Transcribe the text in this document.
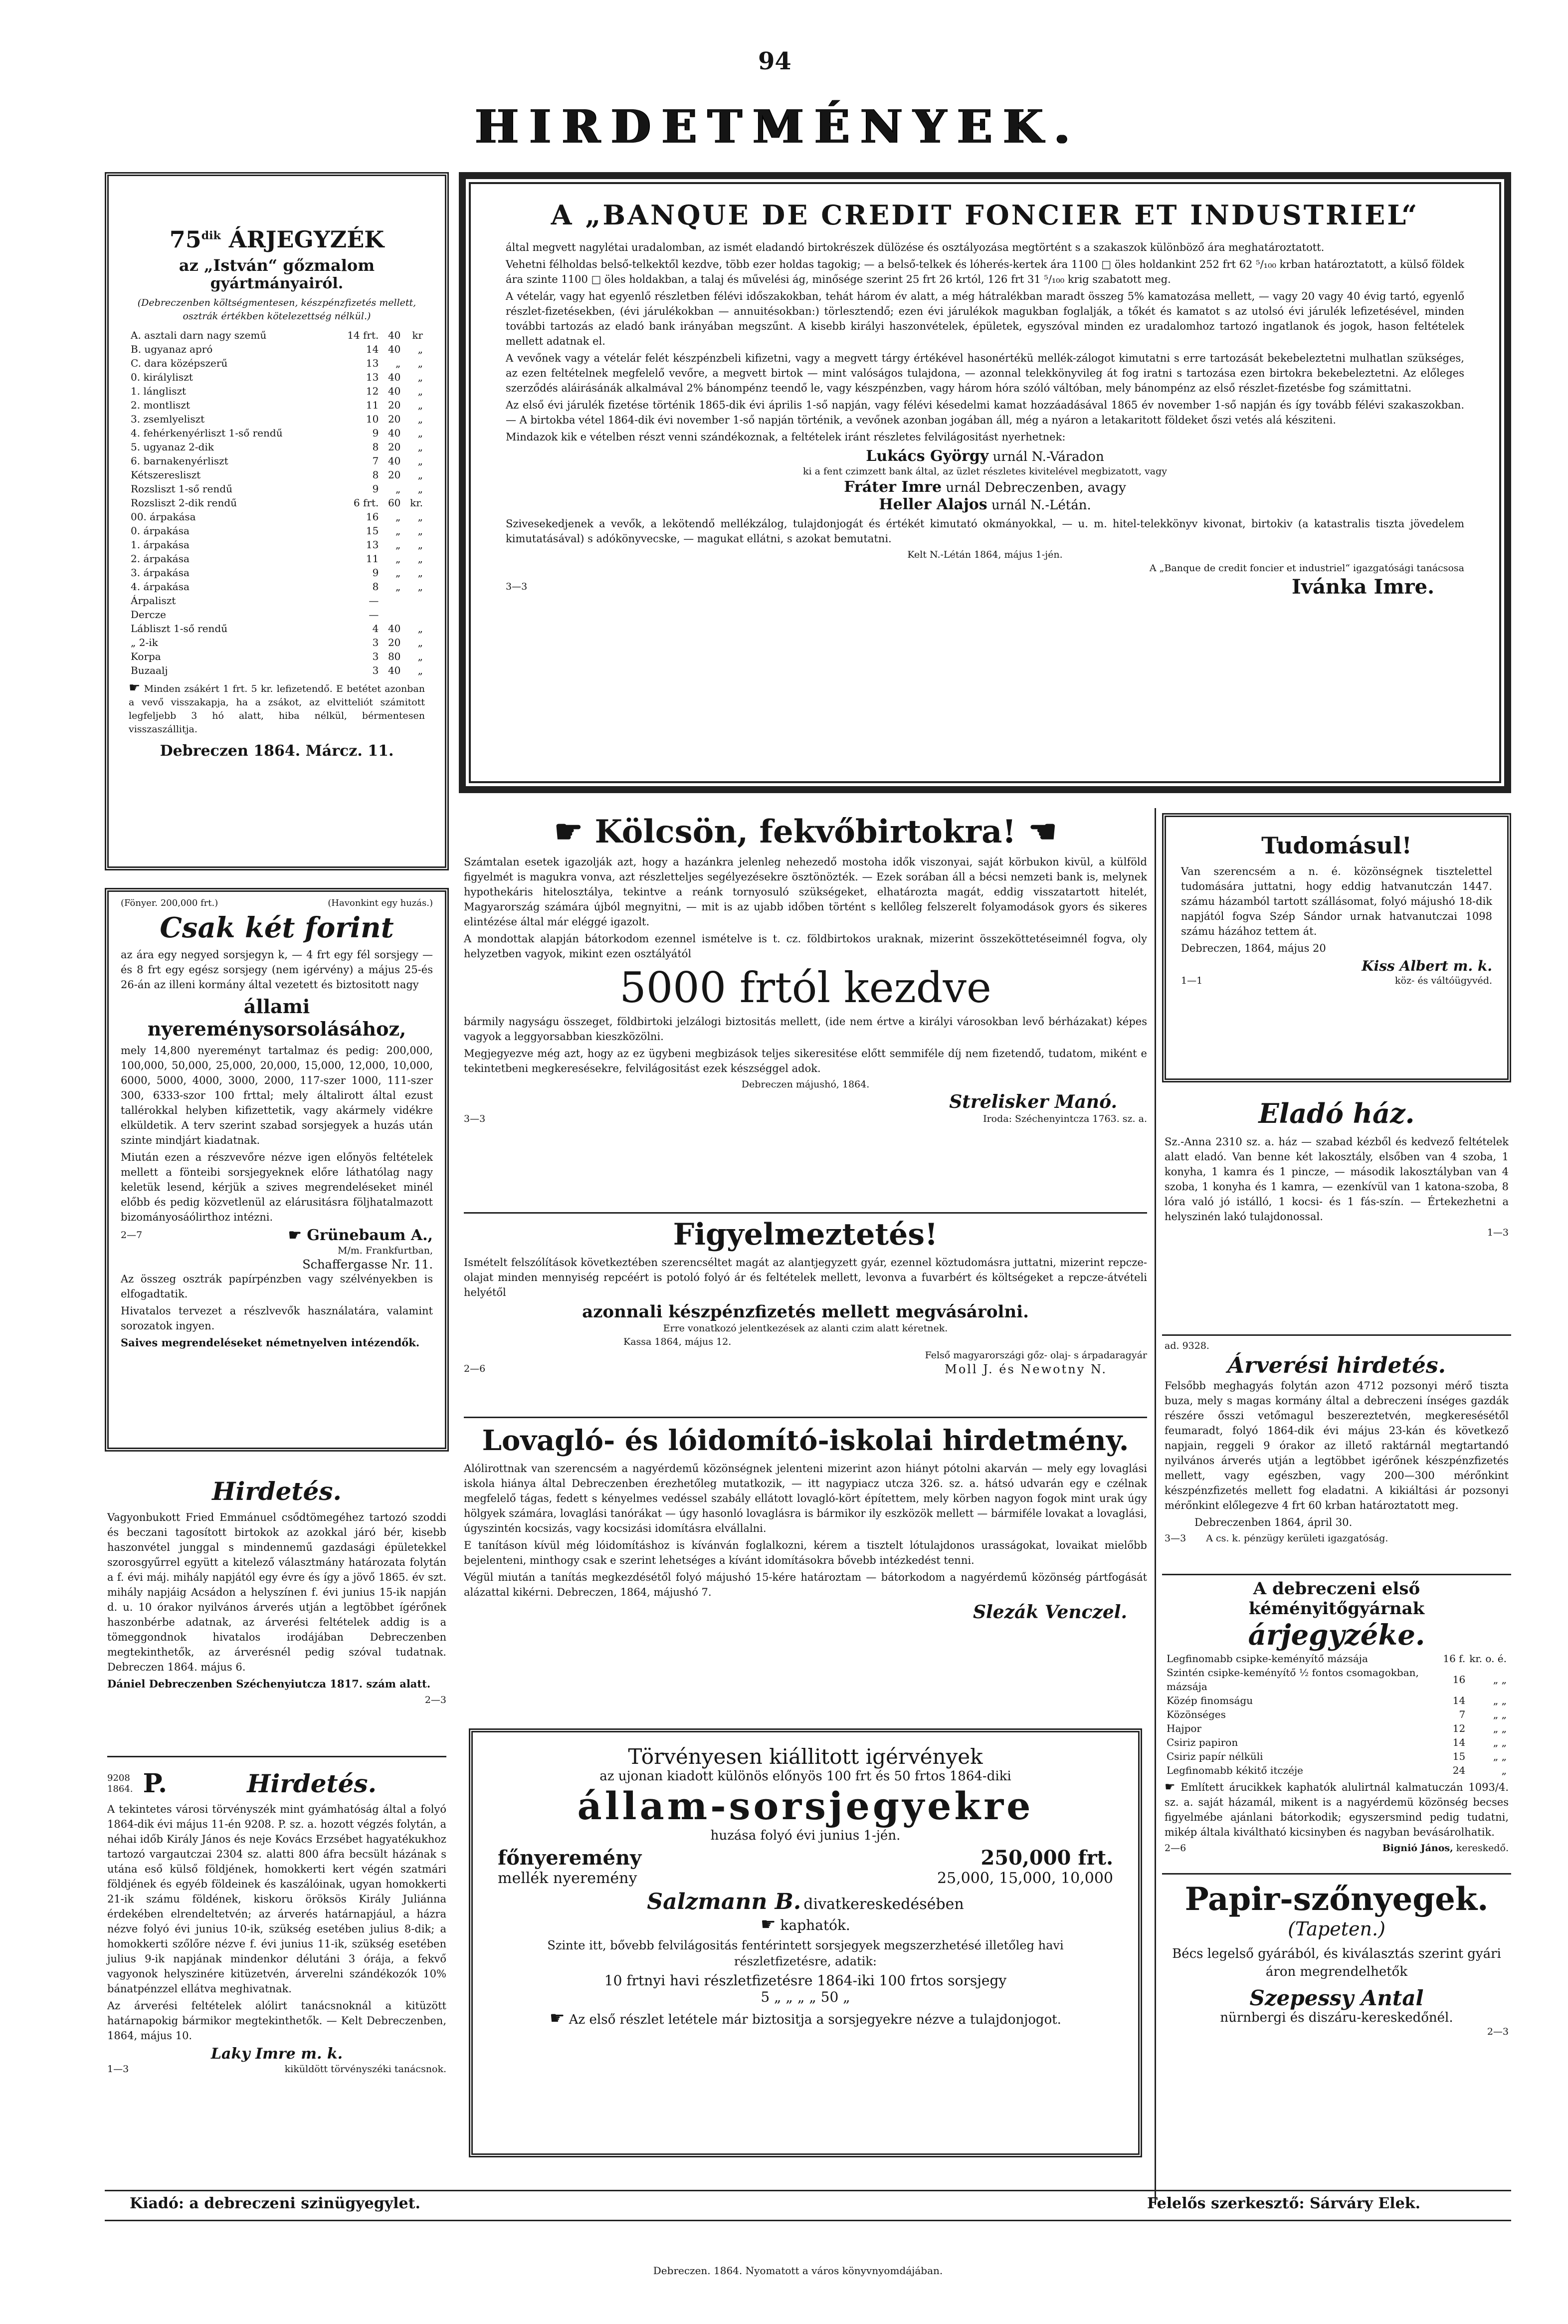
94
HIRDETMÉNYEK.
$75^{dik}$ ÁRJEGYZÉK
az „István“ gőzmalom
gyártmányairól.
(Debreczenben költségmentesen, készpénzfizetés mellett, osztrák értékben kötelezettség nélkül.)
A. asztali darn nagy szemű	14 frt.	40	kr
B. ugyanaz apró	14	40	„
C. dara középszerű	13	„	„
0. királyliszt	13	40	„
1. lángliszt	12	40	„
2. montliszt	11	20	„
3. zsemlyeliszt	10	20	„
4. fehérkenyérliszt 1-ső rendű	9	40	„
5. ugyanaz 2-dik	8	20	„
6. barnakenyérliszt	7	40	„
Kétszeresliszt	8	20	„
Rozsliszt 1-ső rendű	9	„	„
Rozsliszt 2-dik rendű	6 frt.	60	kr.
00. árpakása	16	„	„
0. árpakása	15	„	„
1. árpakása	13	„	„
2. árpakása	11	„	„
3. árpakása	9	„	„
4. árpakása	8	„	„
Árpaliszt	—		
Dercze	—		
Lábliszt 1-ső rendű	4	40	„
„ 2-ik	3	20	„
Korpa	3	80	„
Buzaalj	3	40	„
☛ Minden zsákért 1 frt. 5 kr. lefizetendő. E betétet azonban a vevő visszakapja, ha a zsákot, az elvitteliót számitott legfeljebb 3 hó alatt, hiba nélkül, bérmentesen visszaszállitja.
Debreczen 1864. Márcz. 11.
(Fönyer. 200,000 frt.)	(Havonkint egy huzás.)
Csak két forint
az ára egy negyed sorsjegyn k, — 4 frt egy fél sorsjegy — és 8 frt egy egész sorsjegy (nem igérvény) a május 25-és 26-án az illeni kormány által vezetett és biztositott nagy
állami nyereménysorsolásához,
mely 14,800 nyereményt tartalmaz és pedig: 200,000, 100,000, 50,000, 25,000, 20,000, 15,000, 12,000, 10,000, 6000, 5000, 4000, 3000, 2000, 117-szer 1000, 111-szer 300, 6333-szor 100 frttal; mely általirott által ezust tallérokkal helyben kifizettetik, vagy akármely vidékre elküldetik. A terv szerint szabad sorsjegyek a huzás után szinte mindjárt kiadatnak.
Miután ezen a részvevőre nézve igen előnyös feltételek mellett a fönteibi sorsjegyeknek előre láthatólag nagy keletük lesend, kérjük a szives megrendeléseket minél előbb és pedig közvetlenül az elárusitásra följhatalmazott bizományosáólirthoz intézni.
2—7	☛ Grünebaum A.,
M/m. Frankfurtban,
Schaffergasse Nr. 11.
Az összeg osztrák papírpénzben vagy szélvényekben is elfogadtatik.
Hivatalos tervezet a részlvevők használatára, valamint sorozatok ingyen.
Saives megrendeléseket németnyelven intézendők.
Hirdetés.
Vagyonbukott Fried Emmánuel csődtömegéhez tartozó szoddi és beczani tagosított birtokok az azokkal járó bér, kisebb haszonvétel junggal s mindennemű gazdasági épületekkel szorosgyűrrel együtt a kitelező választmány határozata folytán a f. évi máj. mihály napjától egy évre és így a jövő 1865. év szt. mihály napjáig Acsádon a helyszínen f. évi junius 15-ik napján d. u. 10 órakor nyilvános árverés utján a legtöbbet ígérőnek haszonbérbe adatnak, az árverési feltételek addig is a tömeggondnok hivatalos irodájában Debreczenben megtekinthetők, az árverésnél pedig szóval tudatnak. Debreczen 1864. május 6.
Dániel Debreczenben Széchenyiutcza 1817. szám alatt.
2—3
9208
1864. P.	Hirdetés.
A tekintetes városi törvényszék mint gyámhatóság által a folyó 1864-dik évi május 11-én 9208. P. sz. a. hozott végzés folytán, a néhai időb Király János és neje Kovács Erzsébet hagyatékukhoz tartozó vargautczai 2304 sz. alatti 800 áfra becsült házának s utána eső külső földjének, homokkerti kert végén szatmári földjének és egyéb földeinek és kaszálóinak, ugyan homokkerti 21-ik számu földének, kiskoru öröksös Király Juliánna érdekében elrendeltetvén; az árverés határnapjául, a házra nézve folyó évi junius 10-ik, szükség esetében julius 8-dik; a homokkerti szőlőre nézve f. évi junius 11-ik, szükség esetében julius 9-ik napjának mindenkor délutáni 3 órája, a fekvő vagyonok helyszinére kitüzetvén, árverelni szándékozók 10% bánatpénzzel ellátva meghivatnak.
Az árverési feltételek alólirt tanácsnoknál a kitüzött határnapokig bármikor megtekinthetők. — Kelt Debreczenben, 1864, május 10.
Laky Imre m. k.
1—3	kiküldött törvényszéki tanácsnok.
A „BANQUE DE CREDIT FONCIER ET INDUSTRIEL“
által megvett nagylétai uradalomban, az ismét eladandó birtokrészek dülözése és osztályozása megtörtént s a szakaszok különböző ára meghatároztatott.
Vehetni félholdas belső-telkektől kezdve, több ezer holdas tagokig; — a belső-telkek és lóherés-kertek ára 1100 □ öles holdankint 252 frt 62 ⁵/₁₀₀ krban határoztatott, a külső földek ára szinte 1100 □ öles holdakban, a talaj és művelési ág, minősége szerint 25 frt 26 krtól, 126 frt 31 ⁵/₁₀₀ krig szabatott meg.
A vételár, vagy hat egyenlő részletben félévi időszakokban, tehát három év alatt, a még hátralékban maradt összeg 5% kamatozása mellett, — vagy 20 vagy 40 évig tartó, egyenlő részlet-fizetésekben, (évi járulékokban — annuitésokban:) törlesztendő; ezen évi járulékok magukban foglalják, a tőkét és kamatot s az utolsó évi járulék lefizetésével, minden további tartozás az eladó bank irányában megszűnt. A kisebb királyi haszonvételek, épületek, egyszóval minden ez uradalomhoz tartozó ingatlanok és jogok, hason feltételek mellett adatnak el.
A vevőnek vagy a vételár felét készpénzbeli kifizetni, vagy a megvett tárgy értékével hasonértékü mellék-zálogot kimutatni s erre tartozását bekebeleztetni mulhatlan szükséges, az ezen feltételnek megfelelő vevőre, a megvett birtok — mint valóságos tulajdona, — azonnal telekkönyvileg át fog iratni s tartozása ezen birtokra bekebeleztetni. Az előleges szerződés aláirásánák alkalmával 2% bánompénz teendő le, vagy készpénzben, vagy három hóra szóló váltóban, mely bánompénz az első részlet-fizetésbe fog számittatni.
Az első évi járulék fizetése történik 1865-dik évi április 1-ső napján, vagy félévi késedelmi kamat hozzáadásával 1865 év november 1-ső napján és így tovább félévi szakaszokban. — A birtokba vétel 1864-dik évi november 1-ső napján történik, a vevőnek azonban jogában áll, még a nyáron a letakaritott földeket őszi vetés alá késziteni.
Mindazok kik e vételben részt venni szándékoznak, a feltételek iránt részletes felvilágositást nyerhetnek:
Lukács György urnál N.-Váradon
ki a fent czimzett bank által, az üzlet részletes kivitelével megbizatott, vagy
Fráter Imre urnál Debreczenben, avagy
Heller Alajos urnál N.-Létán.
Szivesekedjenek a vevők, a lekötendő mellékzálog, tulajdonjogát és értékét kimutató okmányokkal, — u. m. hitel-telekkönyv kivonat, birtokiv (a katastralis tiszta jövedelem kimutatásával) s adókönyvecske, — magukat ellátni, s azokat bemutatni.
Kelt N.-Létán 1864, május 1-jén.
A „Banque de credit foncier et industriel“ igazgatósági tanácsosa
3—3	Ivánka Imre.
☛ Kölcsön, fekvőbirtokra! ☛
Számtalan esetek igazolják azt, hogy a hazánkra jelenleg nehezedő mostoha idők viszonyai, saját körbukon kivül, a külföld figyelmét is magukra vonva, azt részletteljes segélyezésekre ösztönözték. — Ezek sorában áll a bécsi nemzeti bank is, melynek hypothekáris hitelosztálya, tekintve a reánk tornyosuló szükségeket, elhatározta magát, eddig visszatartott hitelét, Magyarország számára újból megnyitni, — mit is az ujabb időben történt s kellőleg felszerelt folyamodások gyors és sikeres elintézése által már eléggé igazolt.
A mondottak alapján bátorkodom ezennel ismételve is t. cz. földbirtokos uraknak, mizerint összeköttetéseimnél fogva, oly helyzetben vagyok, mikint ezen osztályától
5000 frtól kezdve
bármily nagyságu összeget, földbirtoki jelzálogi biztositás mellett, (ide nem értve a királyi városokban levő bérházakat) képes vagyok a leggyorsabban kieszközölni.
Megjegyezve még azt, hogy az ez ügybeni megbizások teljes sikeresitése előtt semmiféle díj nem fizetendő, tudatom, miként e tekintetbeni megkeresésekre, felvilágositást ezek készséggel adok.
Debreczen májushó, 1864.
Strelisker Manó.
3—3	Iroda: Széchenyintcza 1763. sz. a.
Figyelmeztetés!
Ismételt felszólítások következtében szerencséltet magát az alantjegyzett gyár, ezennel köztudomásra juttatni, mizerint repcze-olajat minden mennyiség repcéért is potoló folyó ár és feltételek mellett, levonva a fuvarbért és költségeket a repcze-átvételi helyétől
azonnali készpénzfizetés mellett megvásárolni.
Erre vonatkozó jelentkezések az alanti czim alatt kéretnek.
Kassa 1864, május 12.
Felső magyarországi gőz- olaj- s árpadaragyár
2—6	Moll J. és Newotny N.
Lovagló- és lóidomító-iskolai hirdetmény.
Alólirottnak van szerencsém a nagyérdemű közönségnek jelenteni mizerint azon hiányt pótolni akarván — mely egy lovaglási iskola hiánya által Debreczenben érezhetőleg mutatkozik, — itt nagypiacz utcza 326. sz. a. hátsó udvarán egy e czélnak megfelelő tágas, fedett s kényelmes vedéssel szabály ellátott lovagló-kört építettem, mely körben nagyon fogok mint urak úgy hölgyek számára, lovaglási tanórákat — úgy hasonló lovaglásra is bármikor ily eszközök mellett — bármiféle lovakat a lovaglási, úgyszintén kocsizás, vagy kocsizási idomításra elvállalni.
E tanításon kívül még lóidomításhoz is kívánván foglalkozni, kérem a tisztelt lótulajdonos urasságokat, lovaikat mielőbb bejelenteni, minthogy csak e szerint lehetséges a kívánt idomításokra bővebb intézkedést tenni.
Végül miután a tanítás megkezdésétől folyó májushó 15-kére határoztam — bátorkodom a nagyérdemű közönség pártfogását alázattal kikérni. Debreczen, 1864, májushó 7.
Slezák Venczel.
Törvényesen kiállitott igérvények
az ujonan kiadott különös előnyös 100 frt és 50 frtos 1864-diki
állam-sorsjegyekre
huzása folyó évi junius 1-jén.
főnyeremény	250,000 frt.
mellék nyeremény	25,000, 15,000, 10,000
Salzmann B. divatkereskedésében
☛ kaphatók.
Szinte itt, bővebb felvilágositás fentérintett sorsjegyek megszerzhetésé illetőleg havi részletfizetésre, adatik:
10 frtnyi havi részletfizetésre 1864-iki 100 frtos sorsjegy
5 „ „ „ „ 50 „
☛ Az első részlet letétele már biztositja a sorsjegyekre nézve a tulajdonjogot.
Tudomásul!
Van szerencsém a n. é. közönségnek tisztelettel tudomására juttatni, hogy eddig hatvanutczán 1447. számu házamból tartott szállásomat, folyó májushó 18-dik napjától fogva Szép Sándor urnak hatvanutczai 1098 számu házához tettem át.
Debreczen, 1864, május 20
Kiss Albert m. k.
1—1	köz- és váltóügyvéd.
Eladó ház.
Sz.-Anna 2310 sz. a. ház — szabad kézből és kedvező feltételek alatt eladó. Van benne két lakosztály, elsőben van 4 szoba, 1 konyha, 1 kamra és 1 pincze, — második lakosztályban van 4 szoba, 1 konyha és 1 kamra, — ezenkívül van 1 katona-szoba, 8 lóra való jó istálló, 1 kocsi- és 1 fás-szín. — Értekezhetni a helyszinén lakó tulajdonossal.
1—3
ad. 9328.
Árverési hirdetés.
Felsőbb meghagyás folytán azon 4712 pozsonyi mérő tiszta buza, mely s magas kormány által a debreczeni ínséges gazdák részére ősszi vetőmagul beszereztetvén, megkeresésétől feumaradt, folyó 1864-dik évi május 23-kán és következő napjain, reggeli 9 órakor az illető raktárnál megtartandó nyilvános árverés utján a legtöbbet igérőnek készpénzfizetés mellett, vagy egészben, vagy 200—300 mérőnkint készpénzfizetés mellett fog eladatni. A kikiáltási ár pozsonyi mérőnkint előlegezve 4 frt 60 krban határoztatott meg.
Debreczenben 1864, ápril 30.
3—3 A cs. k. pénzügy kerületi igazgatóság.
A debreczeni első kéményitőgyárnak
árjegyzéke.
Legfinomabb csipke-keményítő mázsája	16 f.	kr. o. é.
Szintén csipke-keményítő ½ fontos csomagokban, mázsája	16	„ „
Közép finomságu	14	„ „
Közönséges	7	„ „
Hajpor	12	„ „
Csiriz papiron	14	„ „
Csiriz papír nélküli	15	„ „
Legfinomabb kékitő itczéje	24	„
☛ Említett árucikkek kaphatók alulirtnál kalmatuczán 1093/4. sz. a. saját házamál, mikent is a nagyérdemü közönség becses figyelmébe ajánlani bátorkodik; egyszersmind pedig tudatni, mikép általa kiváltható kicsinyben és nagyban bevásárolhatik.
2—6	Bignió János, kereskedő.
Papir-szőnyegek.
(Tapeten.)
Bécs legelső gyárából, és kiválasztás szerint gyári áron megrendelhetők
Szepessy Antal
nürnbergi és diszáru-kereskedőnél.
2—3
Kiadó: a debreczeni szinügyegylet.	Felelős szerkesztő: Sárváry Elek.
Debreczen. 1864. Nyomatott a város könyvnyomdájában.
